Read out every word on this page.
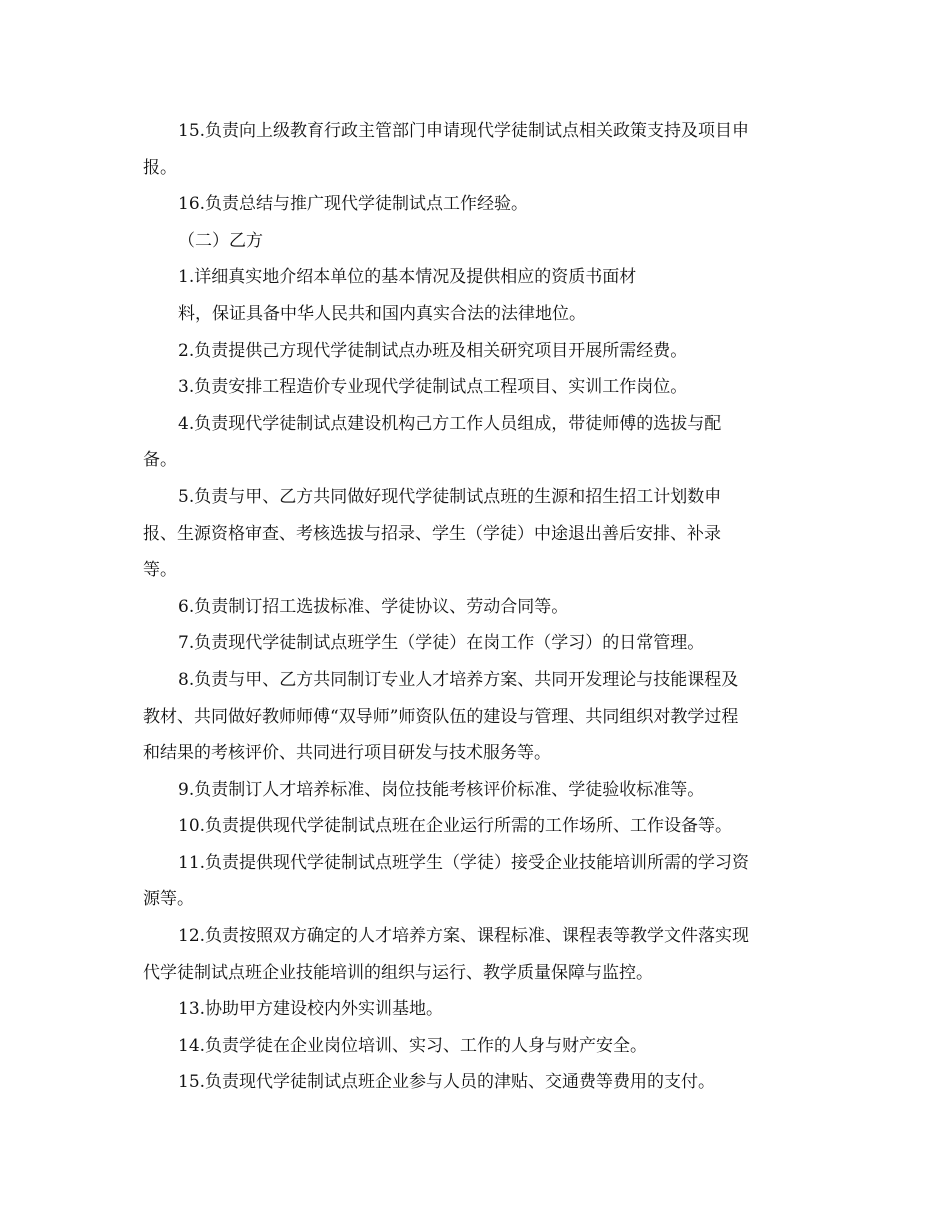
15.负责向上级教育行政主管部门申请现代学徒制试点相关政策支持及项目申
报。

16.负责总结与推广现代学徒制试点工作经验。

（二）乙方

1.详细真实地介绍本单位的基本情况及提供相应的资质书面材

料，保证具备中华人民共和国内真实合法的法律地位。

2.负责提供己方现代学徒制试点办班及相关研究项目开展所需经费。

3.负责安排工程造价专业现代学徒制试点工程项目、实训工作岗位。

4.负责现代学徒制试点建设机构己方工作人员组成，带徒师傅的选拔与配
备。

5.负责与甲、乙方共同做好现代学徒制试点班的生源和招生招工计划数申
报、生源资格审查、考核选拔与招录、学生（学徒）中途退出善后安排、补录
等。

6.负责制订招工选拔标准、学徒协议、劳动合同等。

7.负责现代学徒制试点班学生（学徒）在岗工作（学习）的日常管理。

8.负责与甲、乙方共同制订专业人才培养方案、共同开发理论与技能课程及
教材、共同做好教师师傅“双导师”师资队伍的建设与管理、共同组织对教学过程
和结果的考核评价、共同进行项目研发与技术服务等。

9.负责制订人才培养标准、岗位技能考核评价标准、学徒验收标准等。

10.负责提供现代学徒制试点班在企业运行所需的工作场所、工作设备等。

11.负责提供现代学徒制试点班学生（学徒）接受企业技能培训所需的学习资
源等。

12.负责按照双方确定的人才培养方案、课程标准、课程表等教学文件落实现
代学徒制试点班企业技能培训的组织与运行、教学质量保障与监控。

13.协助甲方建设校内外实训基地。

14.负责学徒在企业岗位培训、实习、工作的人身与财产安全。

15.负责现代学徒制试点班企业参与人员的津贴、交通费等费用的支付。
